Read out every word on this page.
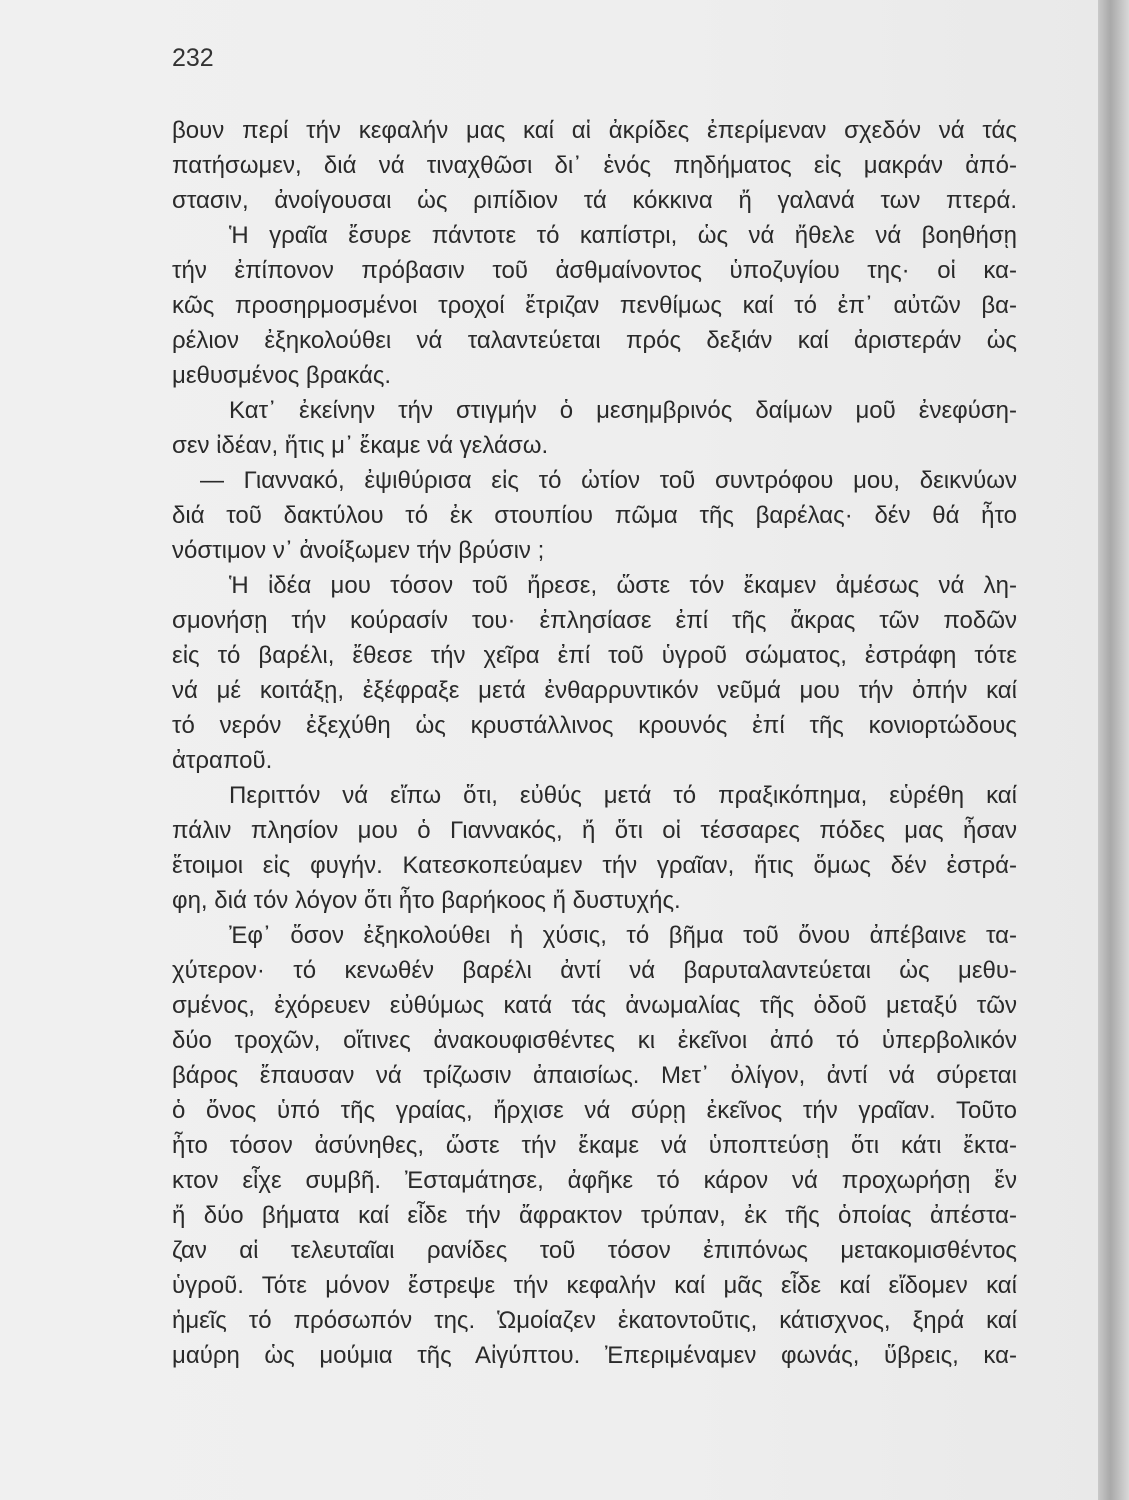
232
βουν περί τήν κεφαλήν μας καί αἱ ἀκρίδες ἐπερίμεναν σχεδόν νά τάς
πατήσωμεν, διά νά τιναχθῶσι δι᾽ ἑνός πηδήματος εἰς μακράν ἀπό-
στασιν, ἀνοίγουσαι ὡς ριπίδιον τά κόκκινα ἤ γαλανά των πτερά.
Ἡ γραῖα ἔσυρε πάντοτε τό καπίστρι, ὡς νά ἤθελε νά βοηθήσῃ
τήν ἐπίπονον πρόβασιν τοῦ ἀσθμαίνοντος ὑποζυγίου της· οἱ κα-
κῶς προσηρμοσμένοι τροχοί ἔτριζαν πενθίμως καί τό ἐπ᾽ αὐτῶν βα-
ρέλιον ἐξηκολούθει νά ταλαντεύεται πρός δεξιάν καί ἀριστεράν ὡς
μεθυσμένος βρακάς.
Κατ᾽ ἐκείνην τήν στιγμήν ὁ μεσημβρινός δαίμων μοῦ ἐνεφύση-
σεν ἰδέαν, ἥτις μ᾽ ἔκαμε νά γελάσω.
— Γιαννακό, ἐψιθύρισα εἰς τό ὠτίον τοῦ συντρόφου μου, δεικνύων
διά τοῦ δακτύλου τό ἐκ στουπίου πῶμα τῆς βαρέλας· δέν θά ἦτο
νόστιμον ν᾽ ἀνοίξωμεν τήν βρύσιν ;
Ἡ ἰδέα μου τόσον τοῦ ἤρεσε, ὥστε τόν ἔκαμεν ἀμέσως νά λη-
σμονήσῃ τήν κούρασίν του· ἐπλησίασε ἐπί τῆς ἄκρας τῶν ποδῶν
εἰς τό βαρέλι, ἔθεσε τήν χεῖρα ἐπί τοῦ ὑγροῦ σώματος, ἐστράφη τότε
νά μέ κοιτάξῃ, ἐξέφραξε μετά ἐνθαρρυντικόν νεῦμά μου τήν ὀπήν καί
τό νερόν ἐξεχύθη ὡς κρυστάλλινος κρουνός ἐπί τῆς κονιορτώδους
ἀτραποῦ.
Περιττόν νά εἴπω ὅτι, εὐθύς μετά τό πραξικόπημα, εὑρέθη καί
πάλιν πλησίον μου ὁ Γιαννακός, ἤ ὅτι οἱ τέσσαρες πόδες μας ἦσαν
ἕτοιμοι εἰς φυγήν. Κατεσκοπεύαμεν τήν γραῖαν, ἥτις ὅμως δέν ἐστρά-
φη, διά τόν λόγον ὅτι ἦτο βαρήκοος ἤ δυστυχής.
Ἐφ᾽ ὅσον ἐξηκολούθει ἡ χύσις, τό βῆμα τοῦ ὄνου ἀπέβαινε τα-
χύτερον· τό κενωθέν βαρέλι ἀντί νά βαρυταλαντεύεται ὡς μεθυ-
σμένος, ἐχόρευεν εὐθύμως κατά τάς ἀνωμαλίας τῆς ὁδοῦ μεταξύ τῶν
δύο τροχῶν, οἵτινες ἀνακουφισθέντες κι ἐκεῖνοι ἀπό τό ὑπερβολικόν
βάρος ἔπαυσαν νά τρίζωσιν ἀπαισίως. Μετ᾽ ὀλίγον, ἀντί νά σύρεται
ὁ ὄνος ὑπό τῆς γραίας, ἤρχισε νά σύρῃ ἐκεῖνος τήν γραῖαν. Τοῦτο
ἦτο τόσον ἀσύνηθες, ὥστε τήν ἔκαμε νά ὑποπτεύσῃ ὅτι κάτι ἔκτα-
κτον εἶχε συμβῆ. Ἐσταμάτησε, ἀφῆκε τό κάρον νά προχωρήσῃ ἕν
ἤ δύο βήματα καί εἶδε τήν ἄφρακτον τρύπαν, ἐκ τῆς ὁποίας ἀπέστα-
ζαν αἱ τελευταῖαι ρανίδες τοῦ τόσον ἐπιπόνως μετακομισθέντος
ὑγροῦ. Τότε μόνον ἔστρεψε τήν κεφαλήν καί μᾶς εἶδε καί εἴδομεν καί
ἡμεῖς τό πρόσωπόν της. Ὡμοίαζεν ἑκατοντοῦτις, κάτισχνος, ξηρά καί
μαύρη ὡς μούμια τῆς Αἰγύπτου. Ἐπεριμέναμεν φωνάς, ὕβρεις, κα-
